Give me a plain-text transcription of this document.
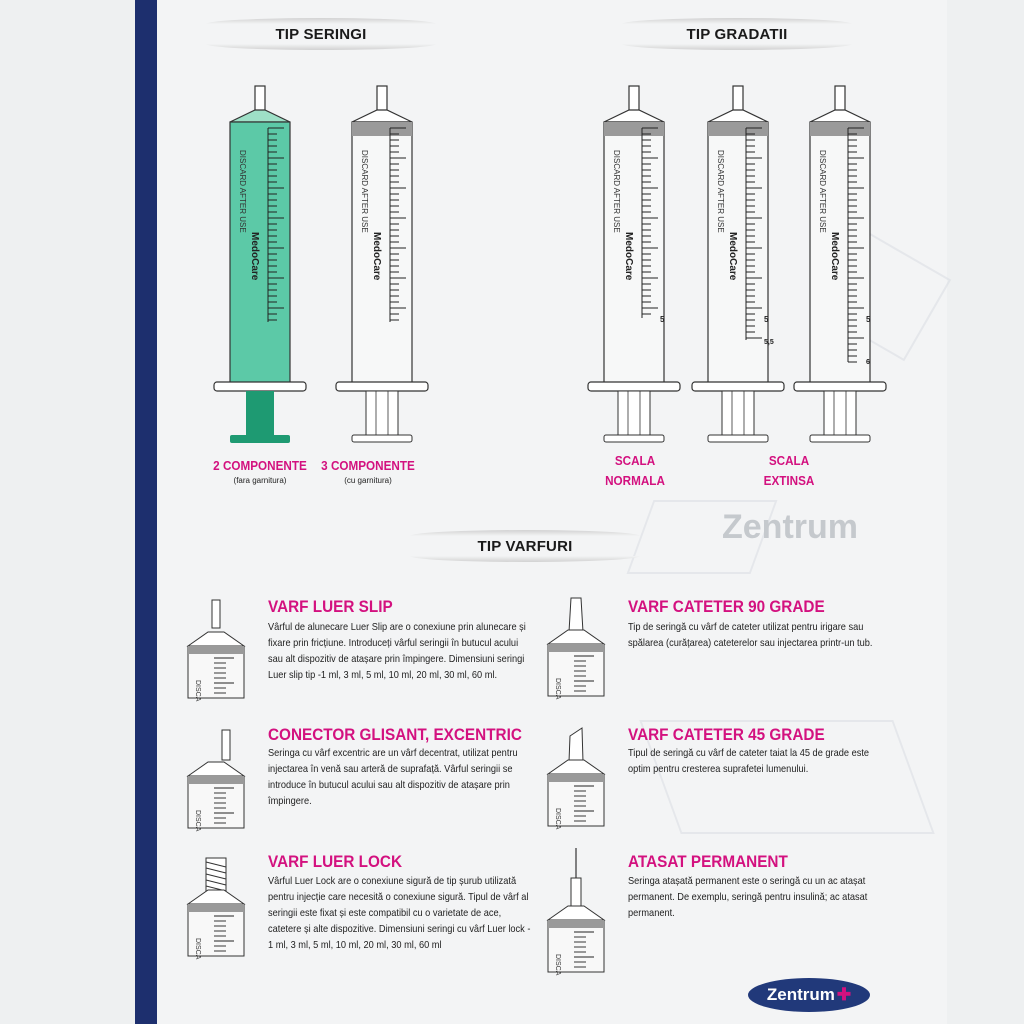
Zentrum
TIP SERINGI	TIP GRADATII
TIP VARFURI
DISCARD AFTER USE
MedoCare
DISCARD AFTER USE
MedoCare
DISCARD AFTER USE
MedoCare
5
DISCARD AFTER USE
MedoCare
5
5,5
DISCARD AFTER USE
MedoCare
5
6
2 COMPONENTE
(fara garnitura)
3 COMPONENTE
(cu garnitura)
SCALA
NORMALA
SCALA
EXTINSA
DISCA
DISCA
DISCA
DISCA
DISCA
DISCA
VARF LUER SLIP
Vârful de alunecare Luer Slip are o conexiune prin alunecare și fixare prin fricțiune. Introduceți vârful seringii în butucul acului sau alt dispozitiv de atașare prin împingere. Dimensiuni seringi Luer slip tip -1 ml, 3 ml, 5 ml, 10 ml, 20 ml, 30 ml, 60 ml.
CONECTOR GLISANT, EXCENTRIC
Seringa cu vârf excentric are un vârf decentrat, utilizat pentru injectarea în venă sau arteră de suprafață. Vârful seringii se introduce în butucul acului sau alt dispozitiv de atașare prin împingere.
VARF LUER LOCK
Vârful Luer Lock are o conexiune sigură de tip șurub utilizată pentru injecție care necesită o conexiune sigură. Tipul de vârf al seringii este fixat și este compatibil cu o varietate de ace, catetere și alte dispozitive. Dimensiuni seringi cu vârf Luer lock - 1 ml, 3 ml, 5 ml, 10 ml, 20 ml, 30 ml, 60 ml
VARF CATETER 90 GRADE
Tip de seringă cu vârf de cateter utilizat pentru irigare sau spălarea (curățarea) cateterelor sau injectarea printr-un tub.
VARF CATETER 45 GRADE
Tipul de seringă cu vârf de cateter taiat la 45 de grade este optim pentru cresterea suprafetei lumenului.
ATASAT PERMANENT
Seringa atașată permanent este o seringă cu un ac atașat permanent. De exemplu, seringă pentru insulină; ac atasat permanent.
Zentrum ✚
